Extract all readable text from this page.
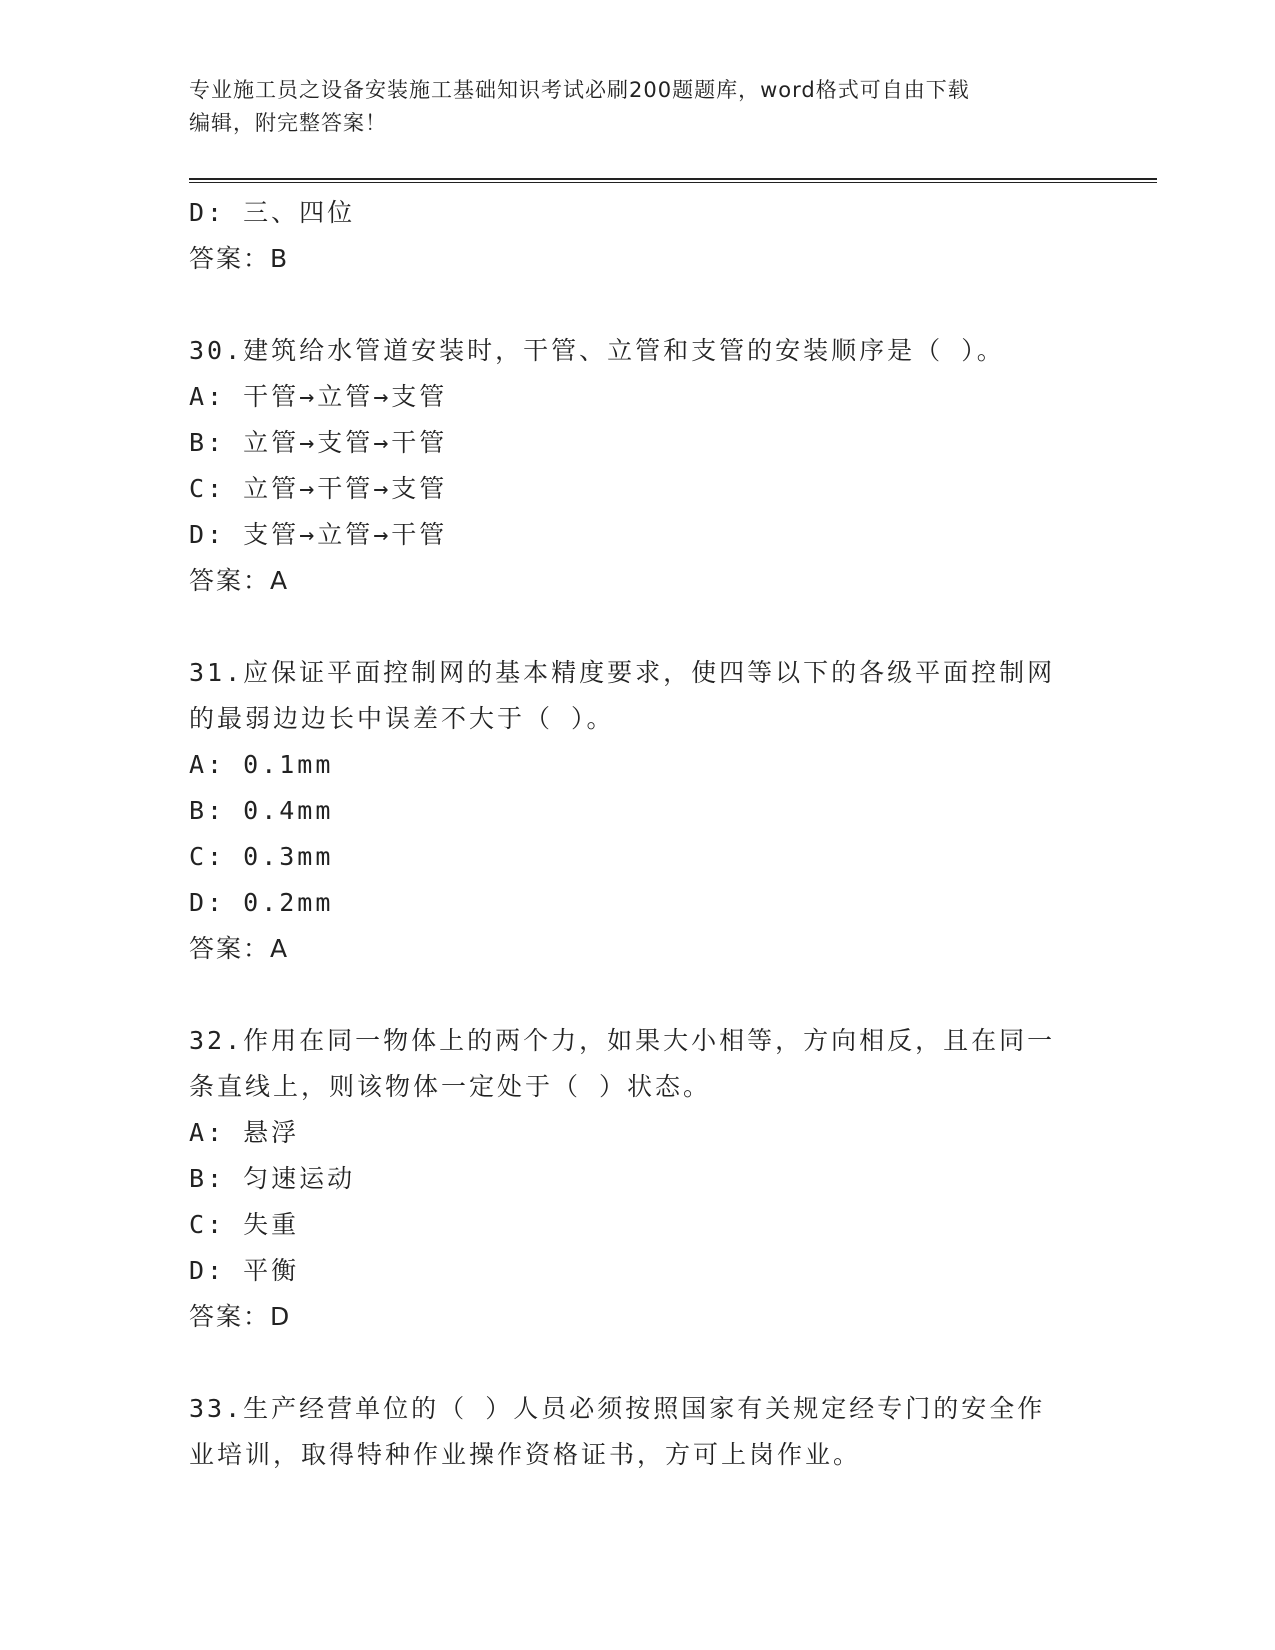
专业施工员之设备安装施工基础知识考试必刷200题题库，word格式可自由下载
编辑，附完整答案！
D: 三、四位
答案：B
30.建筑给水管道安装时，干管、立管和支管的安装顺序是（ ）。
A: 干管→立管→支管
B: 立管→支管→干管
C: 立管→干管→支管
D: 支管→立管→干管
答案：A
31.应保证平面控制网的基本精度要求，使四等以下的各级平面控制网
的最弱边边长中误差不大于（ ）。
A: 0.1mm
B: 0.4mm
C: 0.3mm
D: 0.2mm
答案：A
32.作用在同一物体上的两个力，如果大小相等，方向相反，且在同一
条直线上，则该物体一定处于（ ）状态。
A: 悬浮
B: 匀速运动
C: 失重
D: 平衡
答案：D
33.生产经营单位的（ ）人员必须按照国家有关规定经专门的安全作
业培训，取得特种作业操作资格证书，方可上岗作业。
